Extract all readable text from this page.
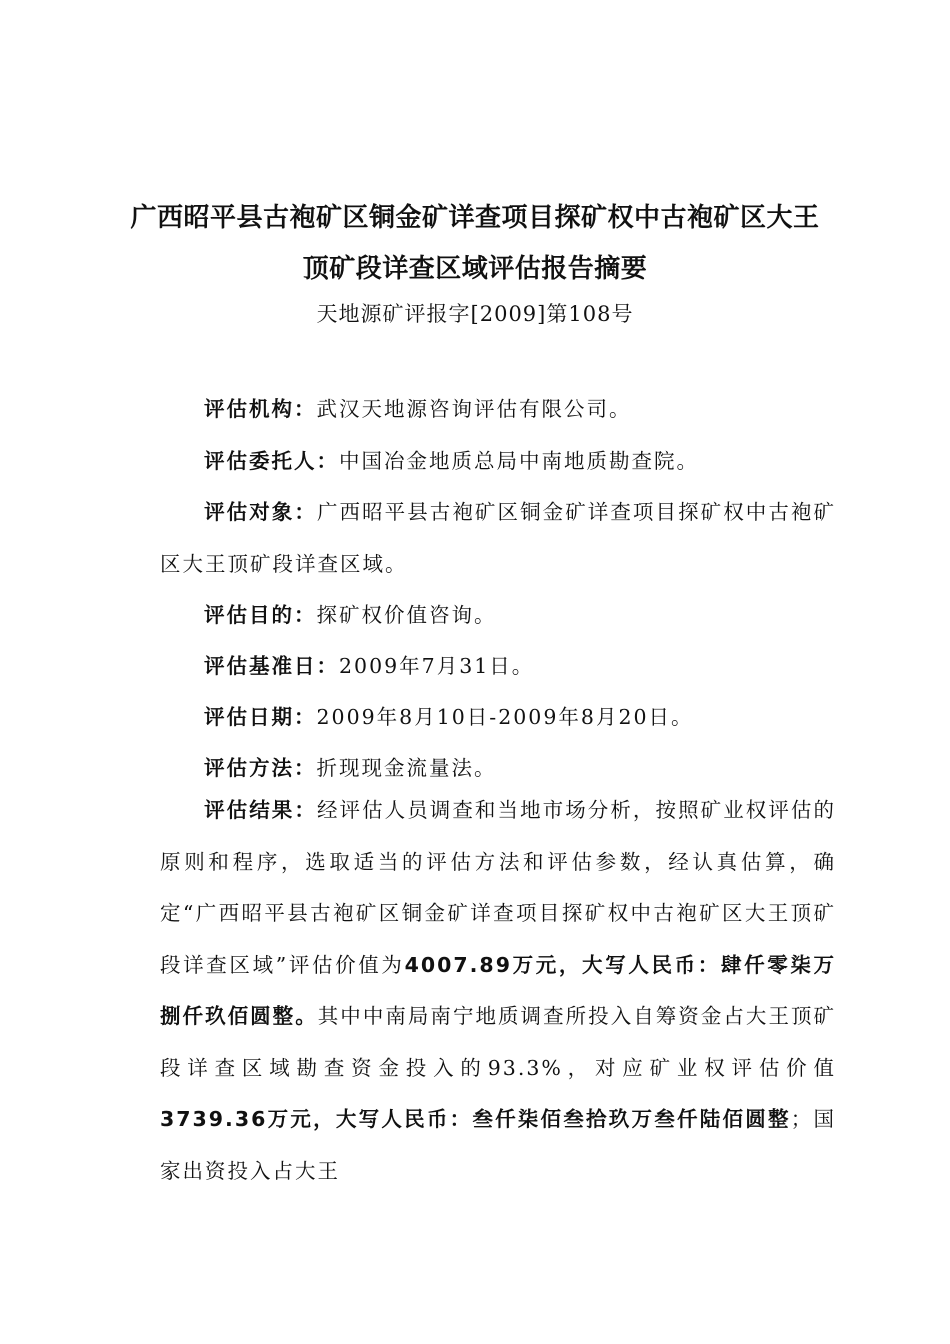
广西昭平县古袍矿区铜金矿详查项目探矿权中古袍矿区大王
顶矿段详查区域评估报告摘要
天地源矿评报字[2009]第108号
评估机构：武汉天地源咨询评估有限公司。
评估委托人：中国冶金地质总局中南地质勘查院。
评估对象：广西昭平县古袍矿区铜金矿详查项目探矿权中古袍矿区大王顶矿段详查区域。
评估目的：探矿权价值咨询。
评估基准日：2009年7月31日。
评估日期：2009年8月10日-2009年8月20日。
评估方法：折现现金流量法。
评估结果：经评估人员调查和当地市场分析，按照矿业权评估的原则和程序，选取适当的评估方法和评估参数，经认真估算，确定“广西昭平县古袍矿区铜金矿详查项目探矿权中古袍矿区大王顶矿段详查区域”评估价值为4007.89万元，大写人民币：肆仟零柒万捌仟玖佰圆整。其中中南局南宁地质调查所投入自筹资金占大王顶矿段详查区域勘查资金投入的93.3%，对应矿业权评估价值3739.36万元，大写人民币：叁仟柒佰叁拾玖万叁仟陆佰圆整；国家出资投入占大王
